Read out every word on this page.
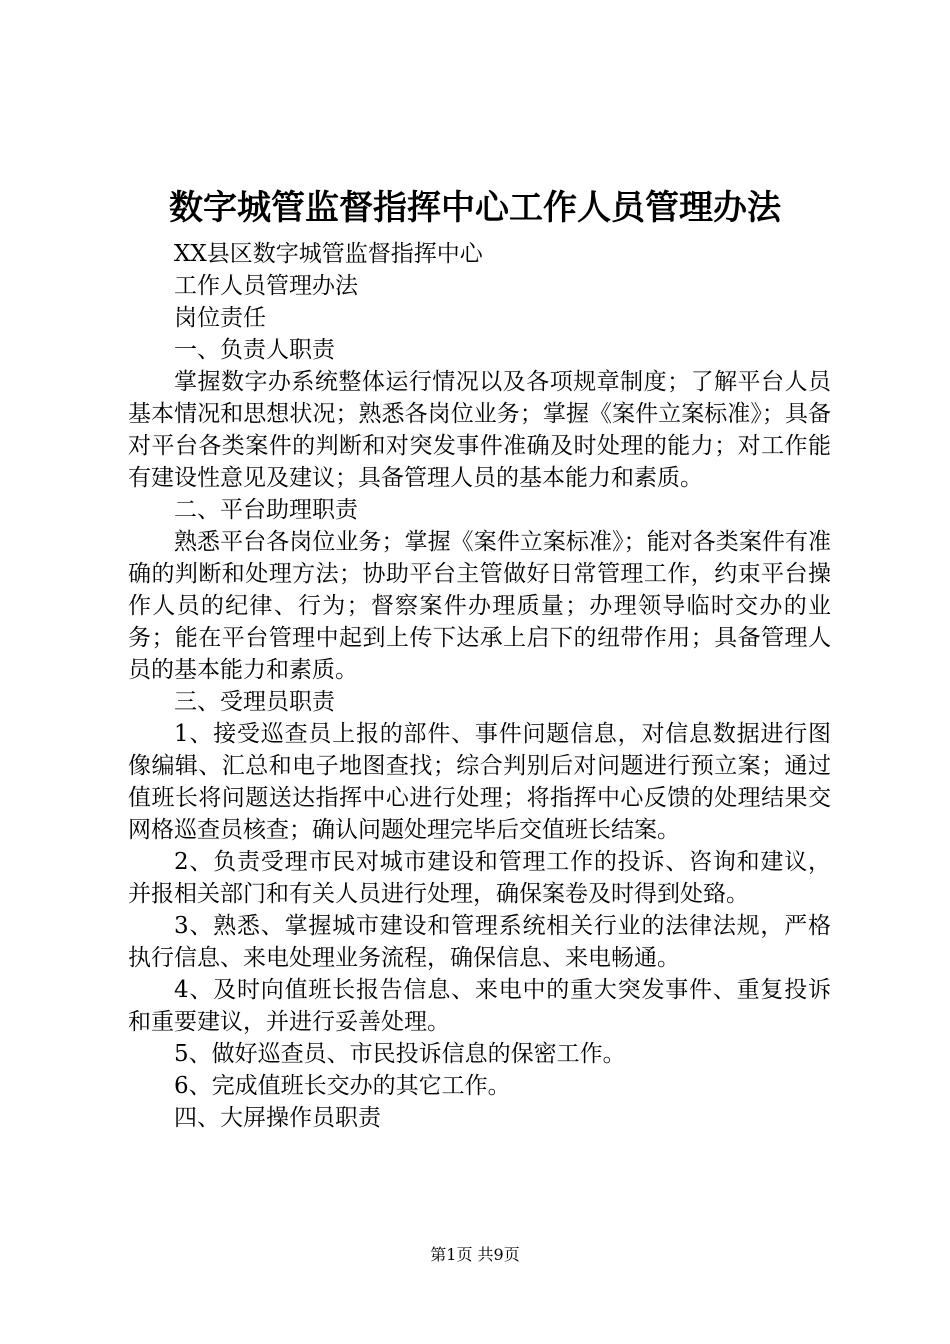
数字城管监督指挥中心工作人员管理办法

XX县区数字城管监督指挥中心

工作人员管理办法

岗位责任

一、负责人职责

掌握数字办系统整体运行情况以及各项规章制度；了解平台人员基本情况和思想状况；熟悉各岗位业务；掌握《案件立案标准》；具备对平台各类案件的判断和对突发事件准确及时处理的能力；对工作能有建设性意见及建议；具备管理人员的基本能力和素质。

二、平台助理职责

熟悉平台各岗位业务；掌握《案件立案标准》；能对各类案件有准确的判断和处理方法；协助平台主管做好日常管理工作，约束平台操作人员的纪律、行为；督察案件办理质量；办理领导临时交办的业务；能在平台管理中起到上传下达承上启下的纽带作用；具备管理人员的基本能力和素质。

三、受理员职责

1、接受巡查员上报的部件、事件问题信息，对信息数据进行图像编辑、汇总和电子地图查找；综合判别后对问题进行预立案；通过值班长将问题送达指挥中心进行处理；将指挥中心反馈的处理结果交网格巡查员核查；确认问题处理完毕后交值班长结案。

2、负责受理市民对城市建设和管理工作的投诉、咨询和建议，并报相关部门和有关人员进行处理，确保案卷及时得到处臵。

3、熟悉、掌握城市建设和管理系统相关行业的法律法规，严格执行信息、来电处理业务流程，确保信息、来电畅通。

4、及时向值班长报告信息、来电中的重大突发事件、重复投诉和重要建议，并进行妥善处理。

5、做好巡查员、市民投诉信息的保密工作。

6、完成值班长交办的其它工作。

四、大屏操作员职责

第1页 共9页
